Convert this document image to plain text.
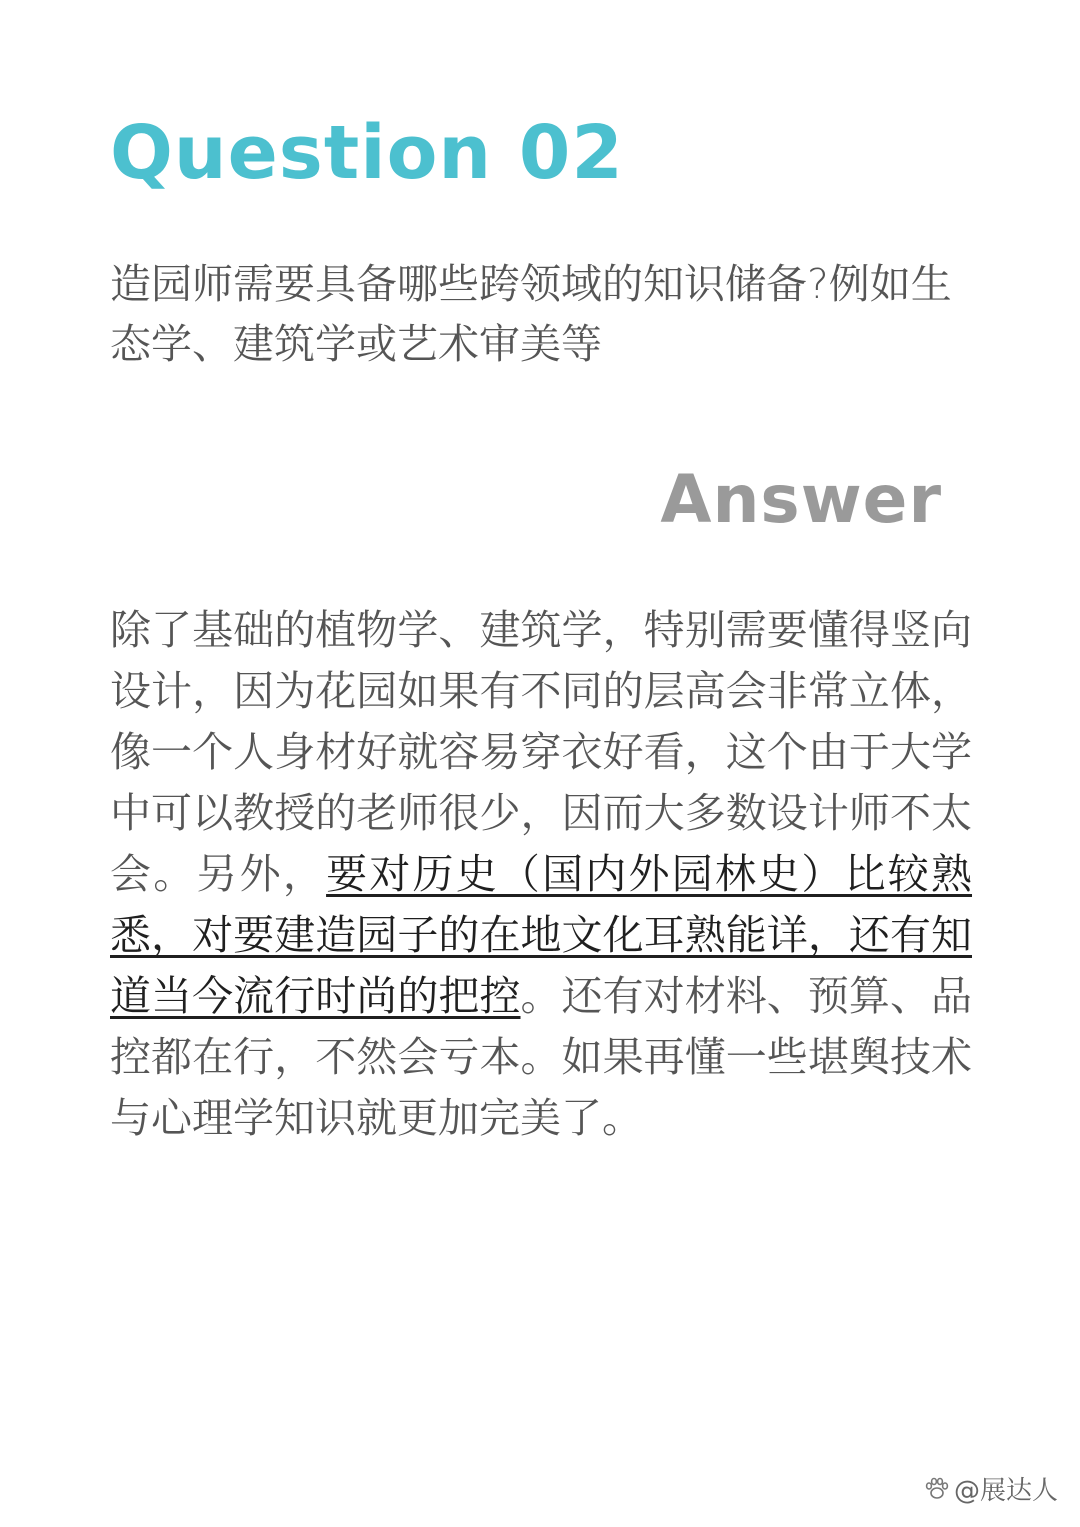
Question 02

造园师需要具备哪些跨领域的知识储备?例如生态学、建筑学或艺术审美等

Answer

除了基础的植物学、建筑学，特别需要懂得竖向设计，因为花园如果有不同的层高会非常立体，像一个人身材好就容易穿衣好看，这个由于大学中可以教授的老师很少，因而大多数设计师不太会。另外，要对历史（国内外园林史）比较熟悉，对要建造园子的在地文化耳熟能详，还有知道当今流行时尚的把控。还有对材料、预算、品控都在行，不然会亏本。如果再懂一些堪舆技术与心理学知识就更加完美了。

@展达人
